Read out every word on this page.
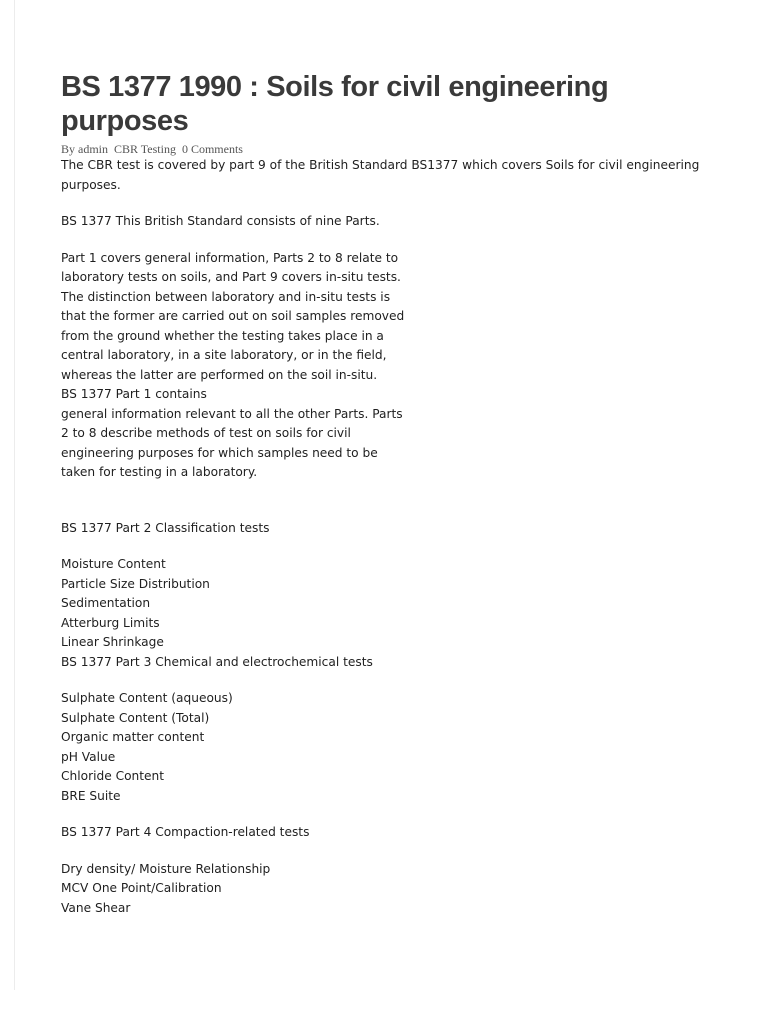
BS 1377 1990 : Soils for civil engineering purposes
By admin CBR Testing 0 Comments

The CBR test is covered by part 9 of the British Standard BS1377 which covers Soils for civil engineering purposes.

BS 1377 This British Standard consists of nine Parts.

Part 1 covers general information, Parts 2 to 8 relate to laboratory tests on soils, and Part 9 covers in-situ tests. The distinction between laboratory and in-situ tests is that the former are carried out on soil samples removed from the ground whether the testing takes place in a central laboratory, in a site laboratory, or in the field, whereas the latter are performed on the soil in-situ.

BS 1377 Part 1 contains

general information relevant to all the other Parts. Parts 2 to 8 describe methods of test on soils for civil engineering purposes for which samples need to be taken for testing in a laboratory.

BS 1377 Part 2 Classification tests

Moisture Content
Particle Size Distribution
Sedimentation
Atterburg Limits
Linear Shrinkage

BS 1377 Part 3 Chemical and electrochemical tests

Sulphate Content (aqueous)
Sulphate Content (Total)
Organic matter content
pH Value
Chloride Content
BRE Suite

BS 1377 Part 4 Compaction-related tests

Dry density/ Moisture Relationship
MCV One Point/Calibration
Vane Shear
